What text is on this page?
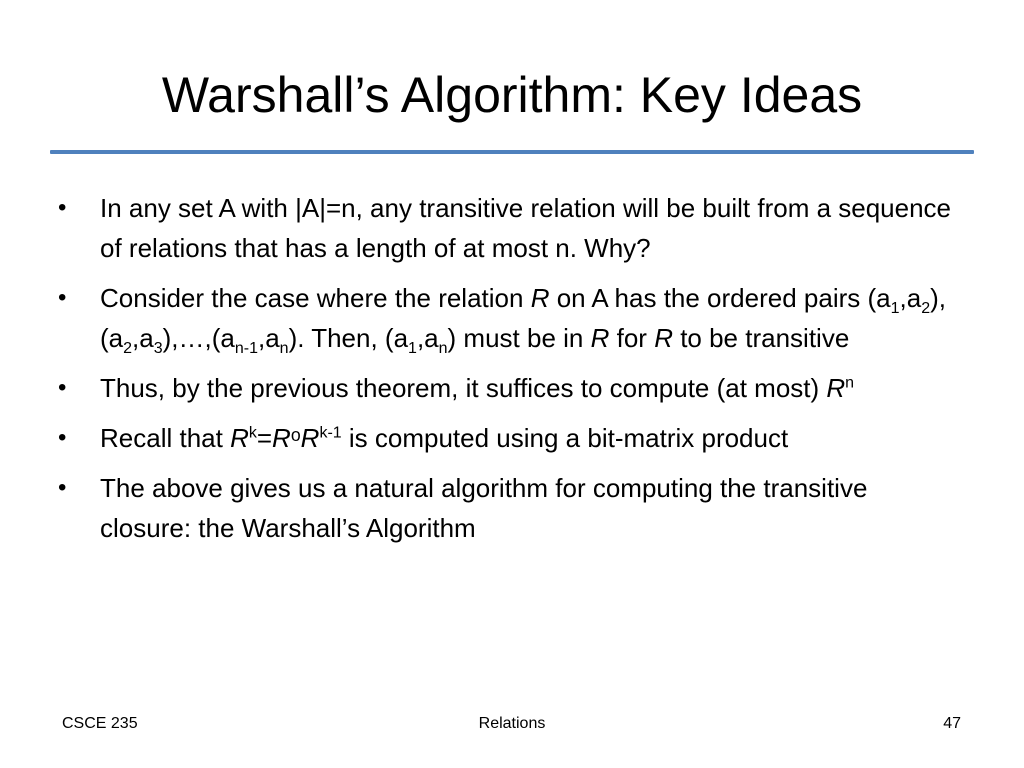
Warshall’s Algorithm: Key Ideas
•	In any set A with |A|=n, any transitive relation will be built from a sequence of relations that has a length of at most n. Why?
•	Consider the case where the relation R on A has the ordered pairs $(a_1,a_2),(a_2,a_3),\dots,(a_{n-1},a_n)$. Then, $(a_1,a_n)$ must be in R for R to be transitive
•	Thus, by the previous theorem, it suffices to compute (at most) $R^n$
•	Recall that $R^k=RᵒR^{k-1}$ is computed using a bit-matrix product
•	The above gives us a natural algorithm for computing the transitive closure: the Warshall’s Algorithm
CSCE 235	Relations	47
